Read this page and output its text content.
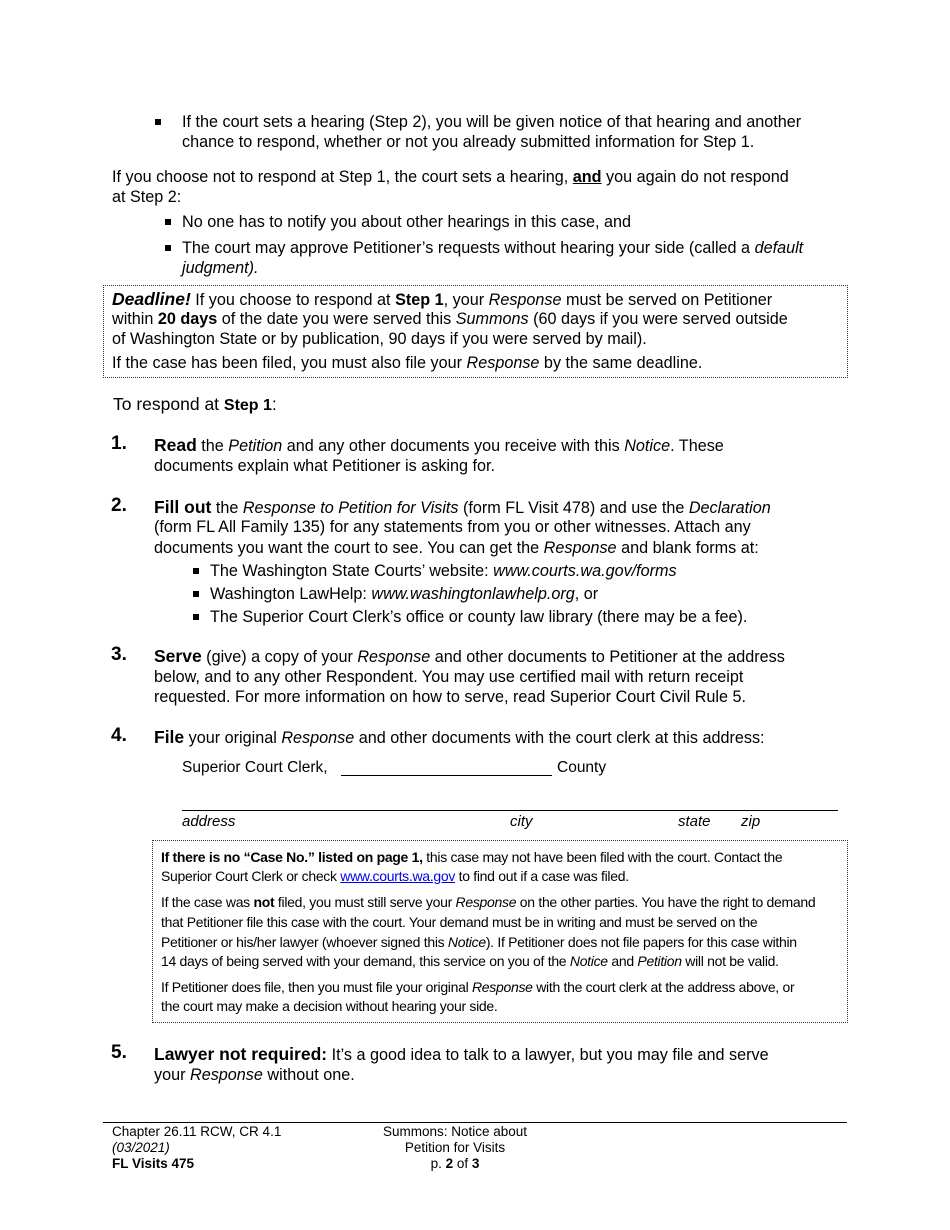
If the court sets a hearing (Step 2), you will be given notice of that hearing and another
chance to respond, whether or not you already submitted information for Step 1.
If you choose not to respond at Step 1, the court sets a hearing, and you again do not respond
at Step 2:
No one has to notify you about other hearings in this case, and
The court may approve Petitioner’s requests without hearing your side (called a default
judgment).
Deadline! If you choose to respond at Step 1, your Response must be served on Petitioner
within 20 days of the date you were served this Summons (60 days if you were served outside
of Washington State or by publication, 90 days if you were served by mail).
If the case has been filed, you must also file your Response by the same deadline.
To respond at Step 1:
1. Read the Petition and any other documents you receive with this Notice. These
documents explain what Petitioner is asking for.
2. Fill out the Response to Petition for Visits (form FL Visit 478) and use the Declaration
(form FL All Family 135) for any statements from you or other witnesses. Attach any
documents you want the court to see. You can get the Response and blank forms at:
The Washington State Courts’ website: www.courts.wa.gov/forms
Washington LawHelp: www.washingtonlawhelp.org, or
The Superior Court Clerk’s office or county law library (there may be a fee).
3. Serve (give) a copy of your Response and other documents to Petitioner at the address
below, and to any other Respondent. You may use certified mail with return receipt
requested. For more information on how to serve, read Superior Court Civil Rule 5.
4. File your original Response and other documents with the court clerk at this address:
Superior Court Clerk,	County
address	city	state zip
If there is no “Case No.” listed on page 1, this case may not have been filed with the court. Contact the
Superior Court Clerk or check www.courts.wa.gov to find out if a case was filed.
If the case was not filed, you must still serve your Response on the other parties. You have the right to demand
that Petitioner file this case with the court. Your demand must be in writing and must be served on the
Petitioner or his/her lawyer (whoever signed this Notice). If Petitioner does not file papers for this case within
14 days of being served with your demand, this service on you of the Notice and Petition will not be valid.
If Petitioner does file, then you must file your original Response with the court clerk at the address above, or
the court may make a decision without hearing your side.
5. Lawyer not required: It’s a good idea to talk to a lawyer, but you may file and serve
your Response without one.
Chapter 26.11 RCW, CR 4.1
(03/2021)
FL Visits 475
Summons: Notice about
Petition for Visits
p. 2 of 3
